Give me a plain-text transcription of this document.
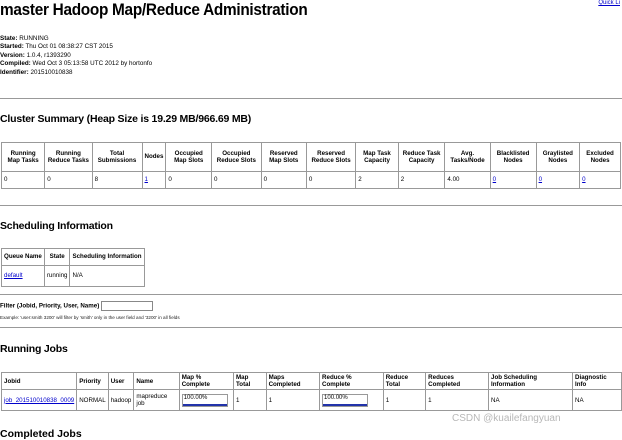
Quick Li
master Hadoop Map/Reduce Administration
State: RUNNING
Started: Thu Oct 01 08:38:27 CST 2015
Version: 1.0.4, r1393290
Compiled: Wed Oct 3 05:13:58 UTC 2012 by hortonfo
Identifier: 201510010838
Cluster Summary (Heap Size is 19.29 MB/966.69 MB)
Running Map Tasks	Running Reduce Tasks	Total Submissions	Nodes	Occupied Map Slots	Occupied Reduce Slots	Reserved Map Slots	Reserved Reduce Slots	Map Task Capacity	Reduce Task Capacity	Avg. Tasks/Node	Blacklisted Nodes	Graylisted Nodes	Excluded Nodes
0	0	8	1	0	0	0	0	2	2	4.00	0	0	0
Scheduling Information
Queue Name	State	Scheduling Information
default	running	N/A
Filter (Jobid, Priority, User, Name)
Example: 'user:smith 3200' will filter by 'smith' only in the user field and '3200' in all fields
Running Jobs
Jobid	Priority	User	Name	Map % Complete	Map Total	Maps Completed	Reduce % Complete	Reduce Total	Reduces Completed	Job Scheduling Information	Diagnostic Info
job_201510010838_0009	NORMAL	hadoop	mapreduce job	100.00%	1	1	100.00%	1	1	NA	NA
CSDN @kuailefangyuan
Completed Jobs
